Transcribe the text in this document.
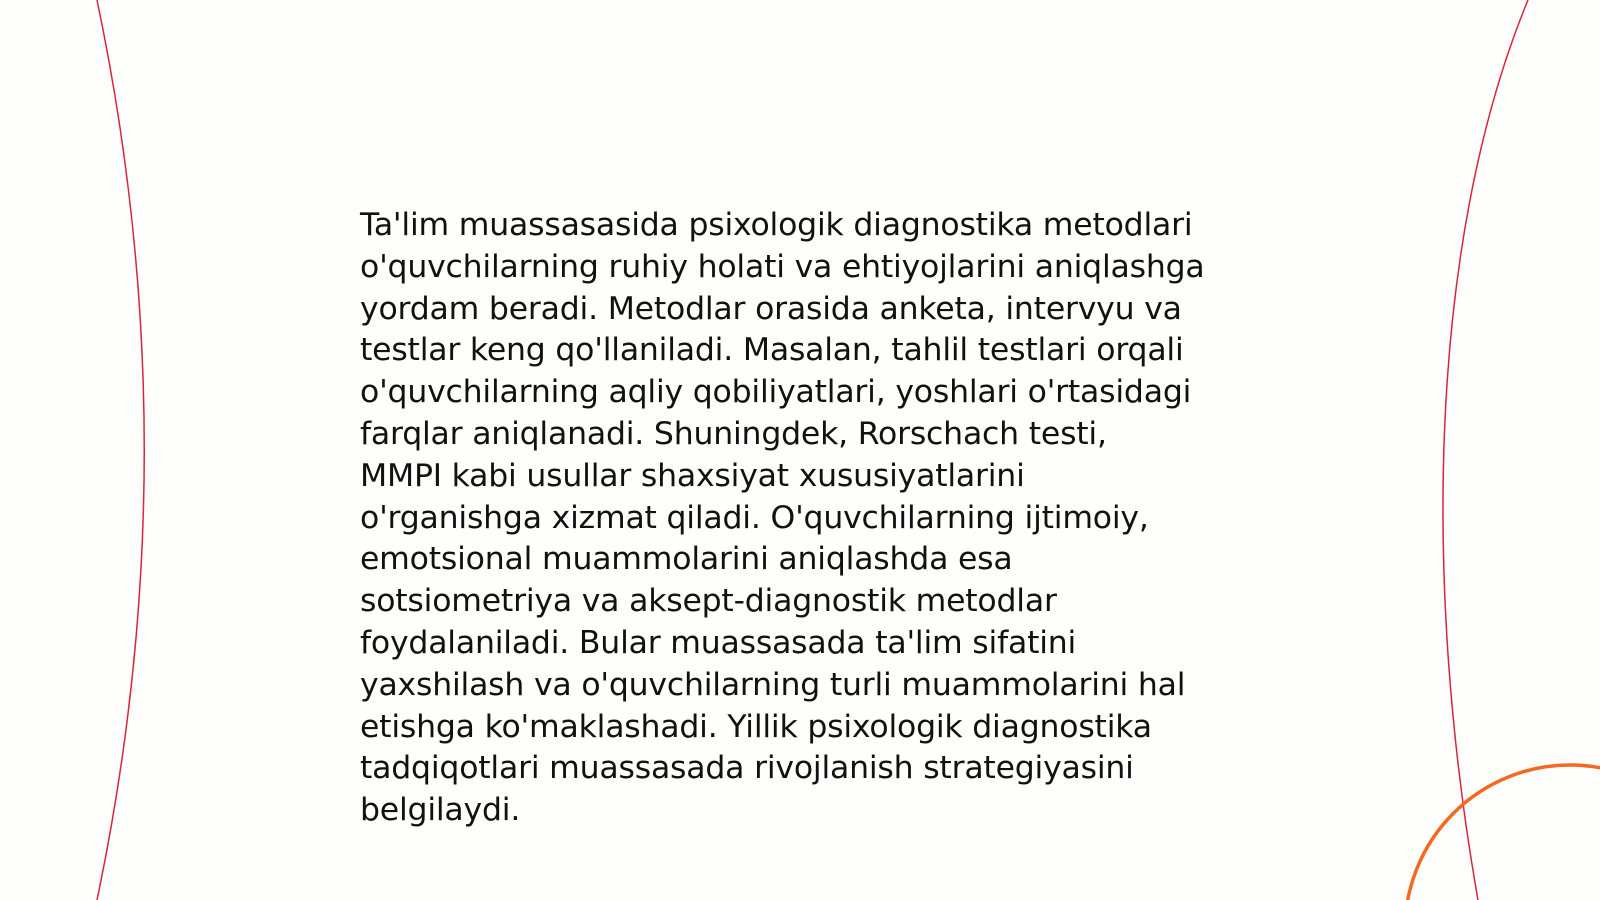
Ta'lim muassasasida psixologik diagnostika metodlari
o'quvchilarning ruhiy holati va ehtiyojlarini aniqlashga
yordam beradi. Metodlar orasida anketa, intervyu va
testlar keng qo'llaniladi. Masalan, tahlil testlari orqali
o'quvchilarning aqliy qobiliyatlari, yoshlari o'rtasidagi
farqlar aniqlanadi. Shuningdek, Rorschach testi,
MMPI kabi usullar shaxsiyat xususiyatlarini
o'rganishga xizmat qiladi. O'quvchilarning ijtimoiy,
emotsional muammolarini aniqlashda esa
sotsiometriya va aksept-diagnostik metodlar
foydalaniladi. Bular muassasada ta'lim sifatini
yaxshilash va o'quvchilarning turli muammolarini hal
etishga ko'maklashadi. Yillik psixologik diagnostika
tadqiqotlari muassasada rivojlanish strategiyasini
belgilaydi.
